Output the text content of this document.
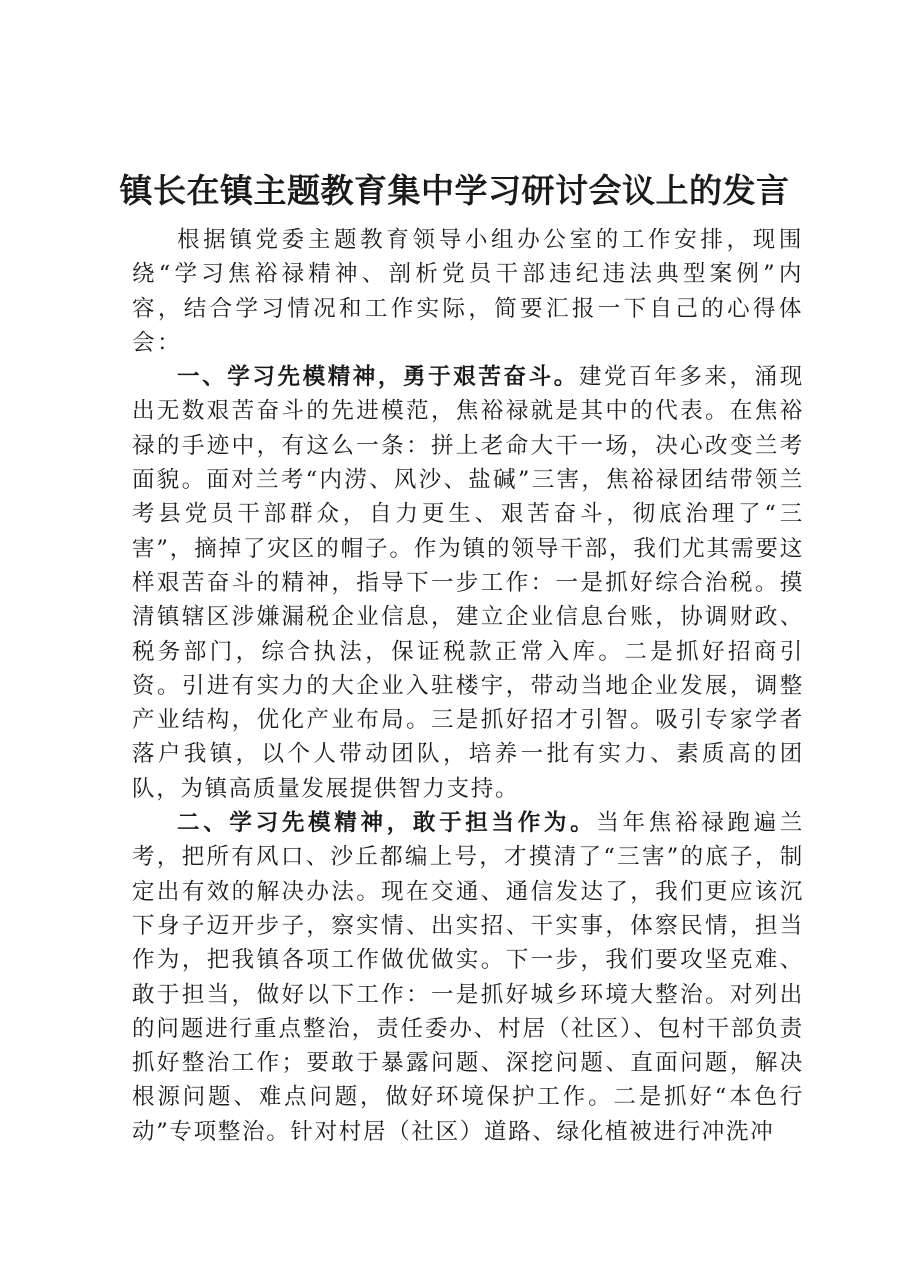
镇长在镇主题教育集中学习研讨会议上的发言

根据镇党委主题教育领导小组办公室的工作安排，现围绕“学习焦裕禄精神、剖析党员干部违纪违法典型案例”内容，结合学习情况和工作实际，简要汇报一下自己的心得体会：

一、学习先模精神，勇于艰苦奋斗。建党百年多来，涌现出无数艰苦奋斗的先进模范，焦裕禄就是其中的代表。在焦裕禄的手迹中，有这么一条：拼上老命大干一场，决心改变兰考面貌。面对兰考“内涝、风沙、盐碱”三害，焦裕禄团结带领兰考县党员干部群众，自力更生、艰苦奋斗，彻底治理了“三害”，摘掉了灾区的帽子。作为镇的领导干部，我们尤其需要这样艰苦奋斗的精神，指导下一步工作：一是抓好综合治税。摸清镇辖区涉嫌漏税企业信息，建立企业信息台账，协调财政、税务部门，综合执法，保证税款正常入库。二是抓好招商引资。引进有实力的大企业入驻楼宇，带动当地企业发展，调整产业结构，优化产业布局。三是抓好招才引智。吸引专家学者落户我镇，以个人带动团队，培养一批有实力、素质高的团队，为镇高质量发展提供智力支持。

二、学习先模精神，敢于担当作为。当年焦裕禄跑遍兰考，把所有风口、沙丘都编上号，才摸清了“三害”的底子，制定出有效的解决办法。现在交通、通信发达了，我们更应该沉下身子迈开步子，察实情、出实招、干实事，体察民情，担当作为，把我镇各项工作做优做实。下一步，我们要攻坚克难、敢于担当，做好以下工作：一是抓好城乡环境大整治。对列出的问题进行重点整治，责任委办、村居（社区）、包村干部负责抓好整治工作；要敢于暴露问题、深挖问题、直面问题，解决根源问题、难点问题，做好环境保护工作。二是抓好“本色行动”专项整治。针对村居（社区）道路、绿化植被进行冲洗冲
